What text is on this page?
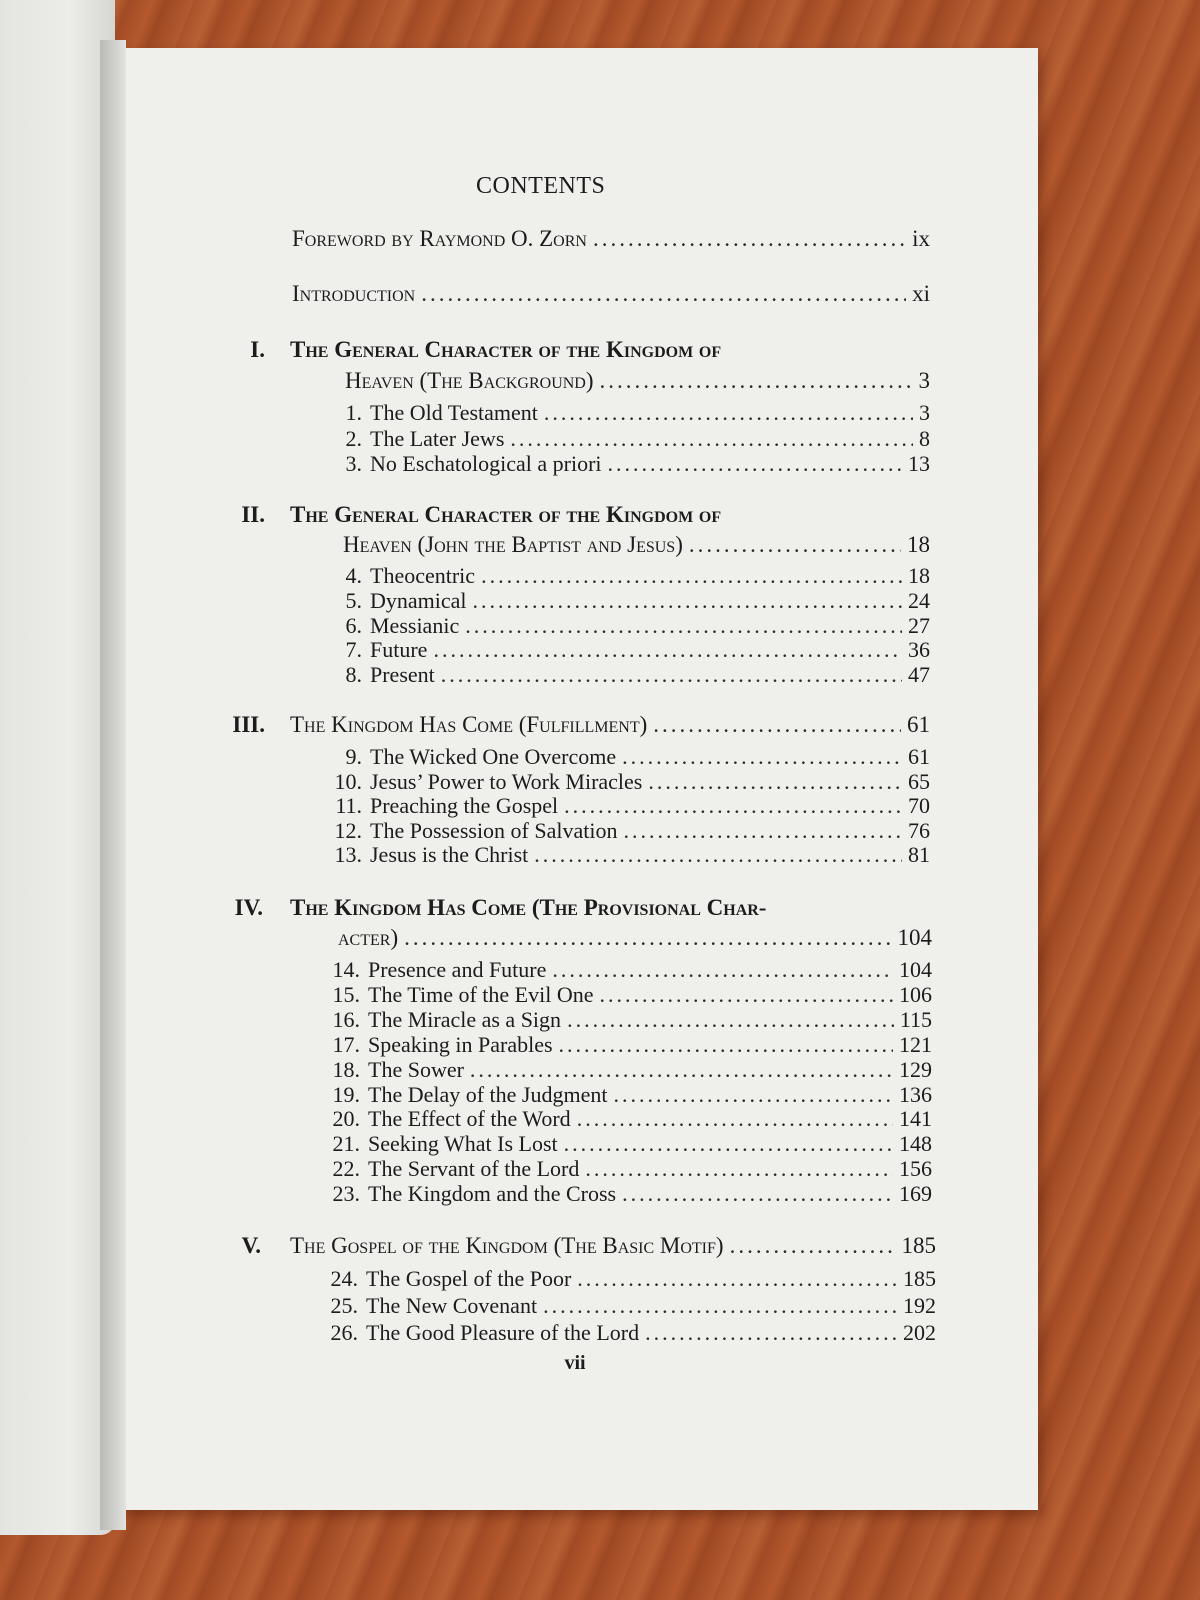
CONTENTS
Foreword by Raymond O. Zorn .....	ix
Introduction .....	xi
I. The General Character of the Kingdom of
Heaven (The Background) .....	3
1. The Old Testament .....	3
2. The Later Jews .....	8
3. No Eschatological a priori .....	13
II. The General Character of the Kingdom of
Heaven (John the Baptist and Jesus) .....	18
4. Theocentric .....	18
5. Dynamical .....	24
6. Messianic .....	27
7. Future .....	36
8. Present .....	47
III. The Kingdom Has Come (Fulfillment) .....	61
9. The Wicked One Overcome .....	61
10. Jesus’ Power to Work Miracles .....	65
11. Preaching the Gospel .....	70
12. The Possession of Salvation .....	76
13. Jesus is the Christ .....	81
IV. The Kingdom Has Come (The Provisional Char-
acter) .....	104
14. Presence and Future .....	104
15. The Time of the Evil One .....	106
16. The Miracle as a Sign .....	115
17. Speaking in Parables .....	121
18. The Sower .....	129
19. The Delay of the Judgment .....	136
20. The Effect of the Word .....	141
21. Seeking What Is Lost .....	148
22. The Servant of the Lord .....	156
23. The Kingdom and the Cross .....	169
V. The Gospel of the Kingdom (The Basic Motif) .....	185
24. The Gospel of the Poor .....	185
25. The New Covenant .....	192
26. The Good Pleasure of the Lord .....	202
vii
